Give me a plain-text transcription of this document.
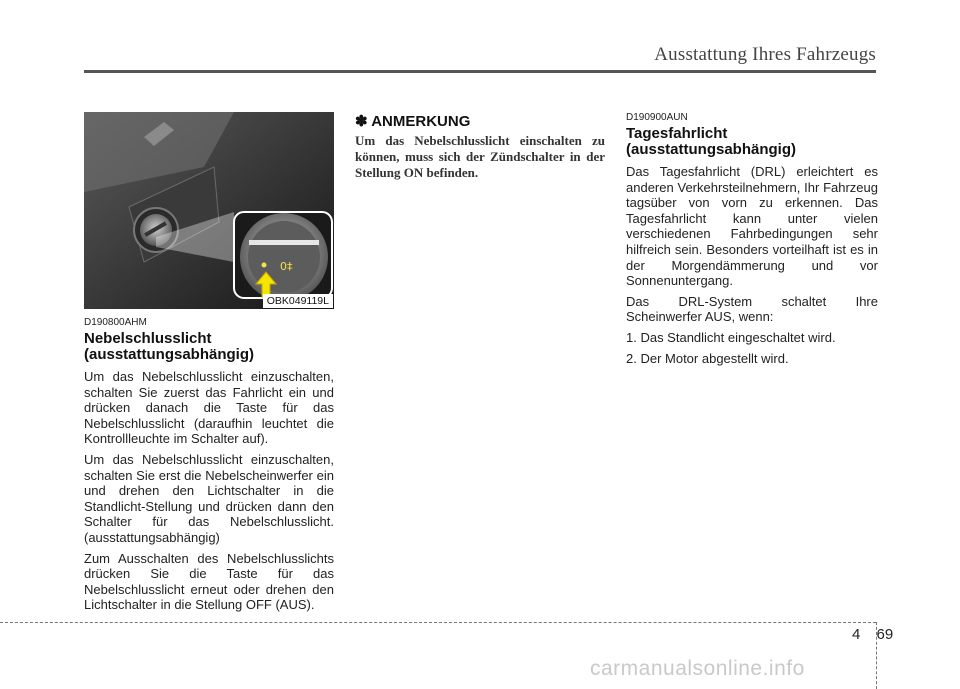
Ausstattung Ihres Fahrzeugs
0‡
OBK049119L
D190800AHM
Nebelschlusslicht (ausstattungsabhängig)

Um das Nebelschlusslicht einzuschalten, schalten Sie zuerst das Fahrlicht ein und drücken danach die Taste für das Nebelschlusslicht (daraufhin leuchtet die Kontrollleuchte im Schalter auf).

Um das Nebelschlusslicht einzuschalten, schalten Sie erst die Nebelscheinwerfer ein und drehen den Lichtschalter in die Standlicht-Stellung und drücken dann den Schalter für das Nebelschlusslicht. (ausstattungsabhängig)

Zum Ausschalten des Nebelschlusslichts drücken Sie die Taste für das Nebelschlusslicht erneut oder drehen den Lichtschalter in die Stellung OFF (AUS).

✽ ANMERKUNG

Um das Nebelschlusslicht einschalten zu können, muss sich der Zündschalter in der Stellung ON befinden.

D190900AUN
Tagesfahrlicht (ausstattungsabhängig)

Das Tagesfahrlicht (DRL) erleichtert es anderen Verkehrsteilnehmern, Ihr Fahrzeug tagsüber von vorn zu erkennen. Das Tagesfahrlicht kann unter vielen verschiedenen Fahrbedingungen sehr hilfreich sein. Besonders vorteilhaft ist es in der Morgendämmerung und vor Sonnenuntergang.

Das DRL-System schaltet Ihre Scheinwerfer AUS, wenn:

1. Das Standlicht eingeschaltet wird.

2. Der Motor abgestellt wird.

4 69
carmanualsonline.info
